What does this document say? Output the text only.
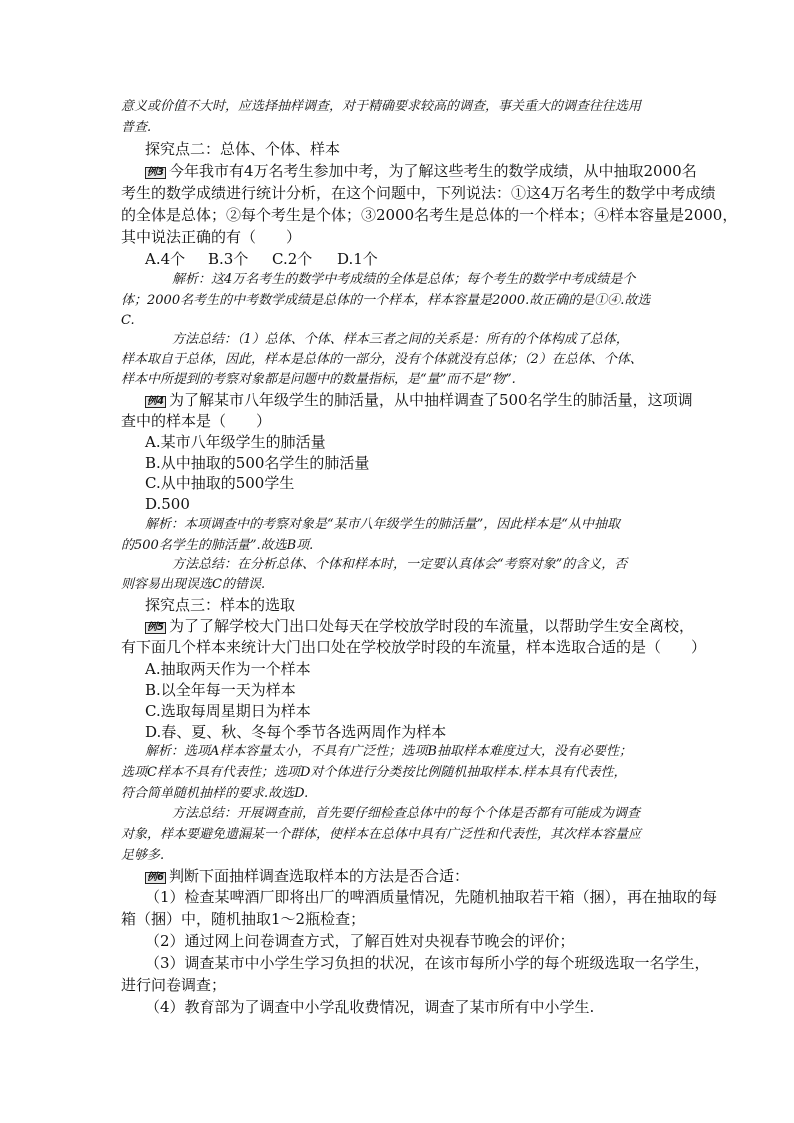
意义或价值不大时，应选择抽样调查，对于精确要求较高的调查，事关重大的调查往往选用
普查.
探究点二：总体、个体、样本
例3 今年我市有4万名考生参加中考，为了解这些考生的数学成绩，从中抽取2000名
考生的数学成绩进行统计分析，在这个问题中，下列说法：①这4万名考生的数学中考成绩
的全体是总体；②每个考生是个体；③2000名考生是总体的一个样本；④样本容量是2000，
其中说法正确的有（　　）
A.4个 B.3个 C.2个 D.1个
解析：这4万名考生的数学中考成绩的全体是总体；每个考生的数学中考成绩是个
体；2000名考生的中考数学成绩是总体的一个样本，样本容量是2000.故正确的是①④.故选
C.
方法总结：（1）总体、个体、样本三者之间的关系是：所有的个体构成了总体，
样本取自于总体，因此，样本是总体的一部分，没有个体就没有总体；（2）在总体、个体、
样本中所提到的考察对象都是问题中的数量指标，是“量”而不是“物”.
例4 为了解某市八年级学生的肺活量，从中抽样调查了500名学生的肺活量，这项调
查中的样本是（　　）
A.某市八年级学生的肺活量
B.从中抽取的500名学生的肺活量
C.从中抽取的500学生
D.500
解析：本项调查中的考察对象是“某市八年级学生的肺活量”，因此样本是“从中抽取
的500名学生的肺活量”.故选B项.
方法总结：在分析总体、个体和样本时，一定要认真体会“考察对象”的含义，否
则容易出现误选C的错误.
探究点三：样本的选取
例5 为了了解学校大门出口处每天在学校放学时段的车流量，以帮助学生安全离校，
有下面几个样本来统计大门出口处在学校放学时段的车流量，样本选取合适的是（　　）
A.抽取两天作为一个样本
B.以全年每一天为样本
C.选取每周星期日为样本
D.春、夏、秋、冬每个季节各选两周作为样本
解析：选项A样本容量太小，不具有广泛性；选项B抽取样本难度过大，没有必要性；
选项C样本不具有代表性；选项D对个体进行分类按比例随机抽取样本.样本具有代表性，
符合简单随机抽样的要求.故选D.
方法总结：开展调查前，首先要仔细检查总体中的每个个体是否都有可能成为调查
对象，样本要避免遗漏某一个群体，使样本在总体中具有广泛性和代表性，其次样本容量应
足够多.
例6 判断下面抽样调查选取样本的方法是否合适：
（1）检查某啤酒厂即将出厂的啤酒质量情况，先随机抽取若干箱（捆），再在抽取的每
箱（捆）中，随机抽取1～2瓶检查；
（2）通过网上问卷调查方式，了解百姓对央视春节晚会的评价；
（3）调查某市中小学生学习负担的状况，在该市每所小学的每个班级选取一名学生，
进行问卷调查；
（4）教育部为了调查中小学乱收费情况，调查了某市所有中小学生.
